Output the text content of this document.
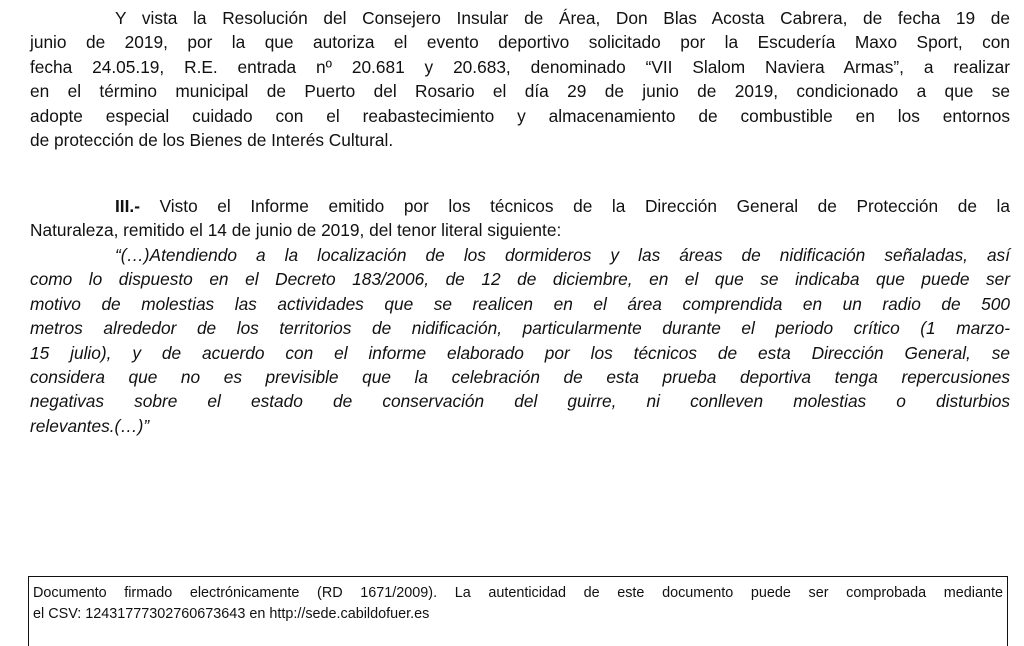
Y vista la Resolución del Consejero Insular de Área, Don Blas Acosta Cabrera, de fecha 19 de
junio de 2019, por la que autoriza el evento deportivo solicitado por la Escudería Maxo Sport, con
fecha 24.05.19, R.E. entrada nº 20.681 y 20.683, denominado “VII Slalom Naviera Armas”, a realizar
en el término municipal de Puerto del Rosario el día 29 de junio de 2019, condicionado a que se
adopte especial cuidado con el reabastecimiento y almacenamiento de combustible en los entornos
de protección de los Bienes de Interés Cultural.
III.- Visto el Informe emitido por los técnicos de la Dirección General de Protección de la
Naturaleza, remitido el 14 de junio de 2019, del tenor literal siguiente:
“(…)Atendiendo a la localización de los dormideros y las áreas de nidificación señaladas, así
como lo dispuesto en el Decreto 183/2006, de 12 de diciembre, en el que se indicaba que puede ser
motivo de molestias las actividades que se realicen en el área comprendida en un radio de 500
metros alrededor de los territorios de nidificación, particularmente durante el periodo crítico (1 marzo-
15 julio), y de acuerdo con el informe elaborado por los técnicos de esta Dirección General, se
considera que no es previsible que la celebración de esta prueba deportiva tenga repercusiones
negativas sobre el estado de conservación del guirre, ni conlleven molestias o disturbios
relevantes.(…)”
Documento firmado electrónicamente (RD 1671/2009). La autenticidad de este documento puede ser comprobada mediante
el CSV: 12431777302760673643 en http://sede.cabildofuer.es
